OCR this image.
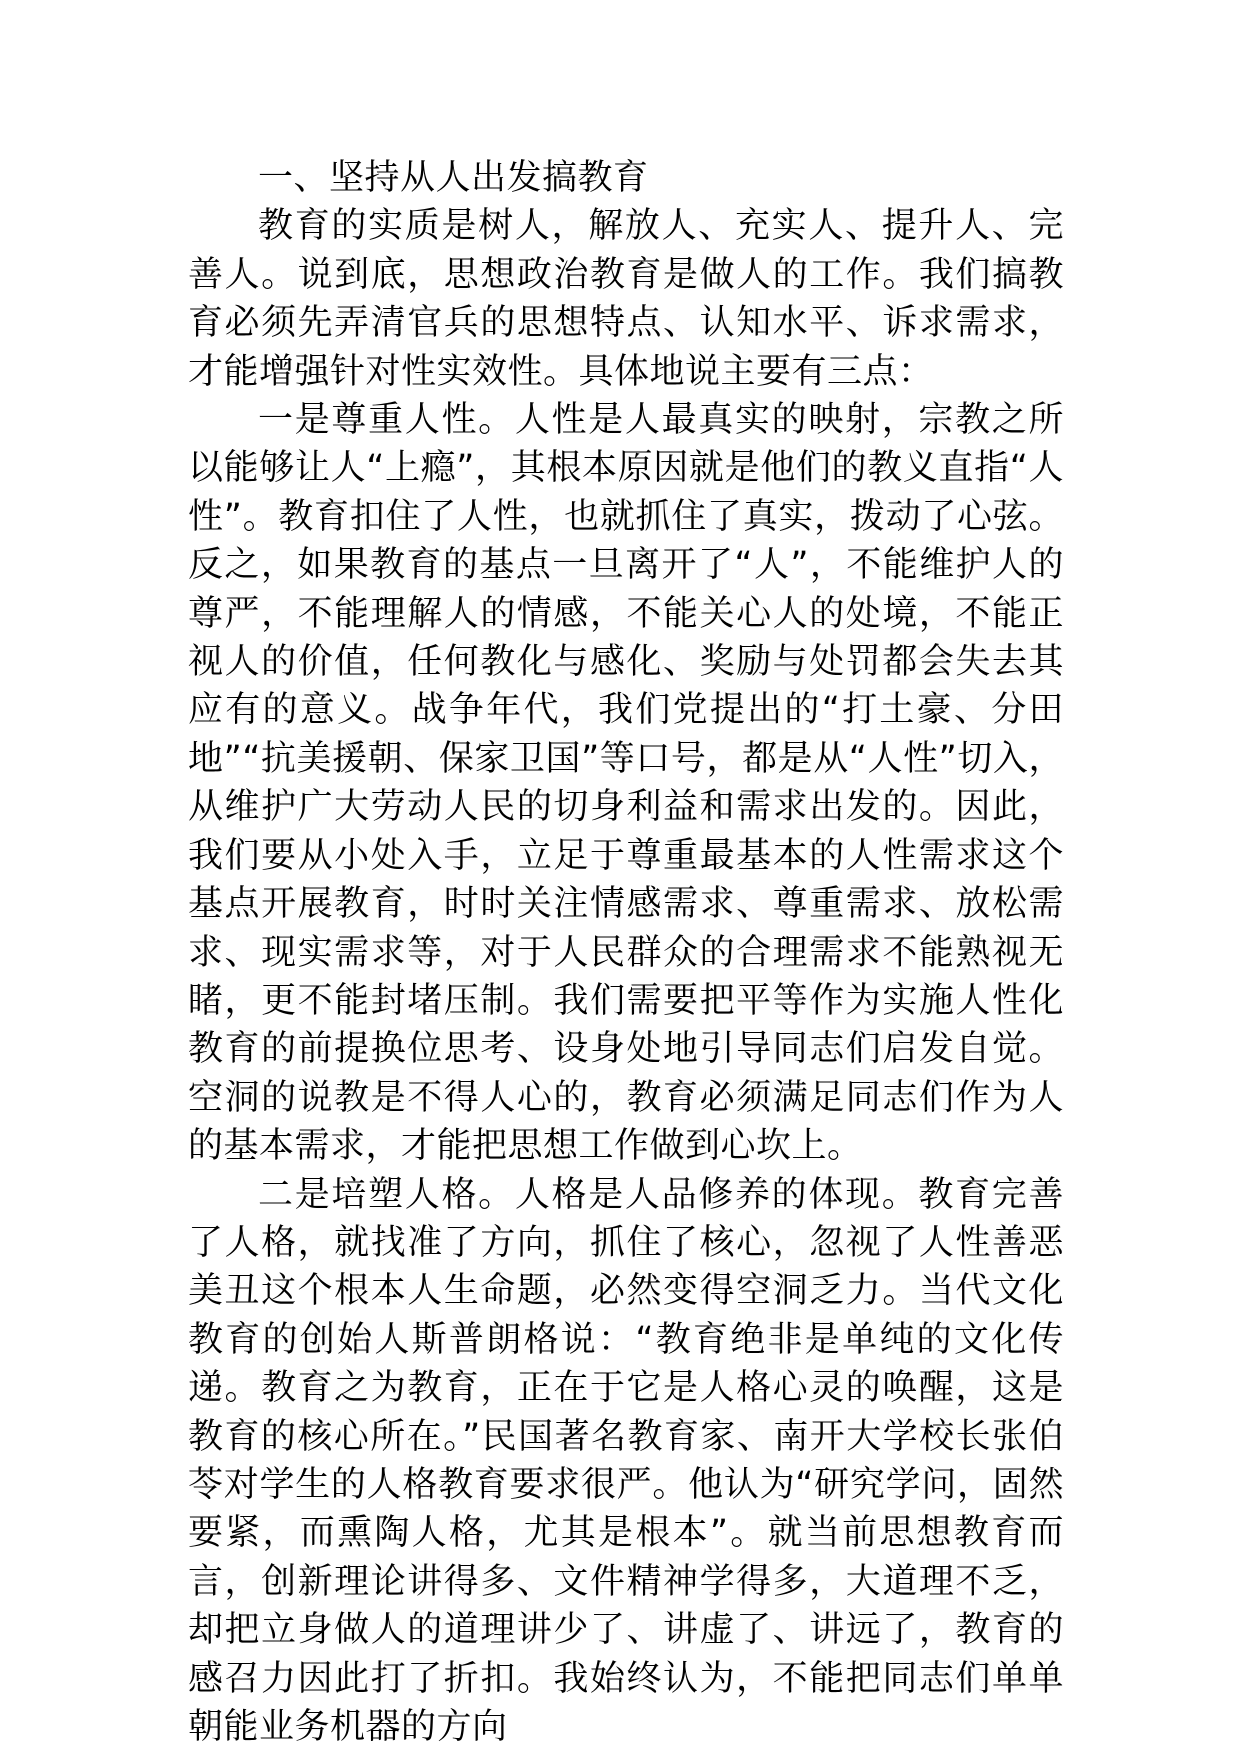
一、坚持从人出发搞教育

教育的实质是树人，解放人、充实人、提升人、完善人。说到底，思想政治教育是做人的工作。我们搞教育必须先弄清官兵的思想特点、认知水平、诉求需求，才能增强针对性实效性。具体地说主要有三点：

一是尊重人性。人性是人最真实的映射，宗教之所以能够让人“上瘾”，其根本原因就是他们的教义直指“人性”。教育扣住了人性，也就抓住了真实，拨动了心弦。反之，如果教育的基点一旦离开了“人”，不能维护人的尊严，不能理解人的情感，不能关心人的处境，不能正视人的价值，任何教化与感化、奖励与处罚都会失去其应有的意义。战争年代，我们党提出的“打土豪、分田地”“抗美援朝、保家卫国”等口号，都是从“人性”切入，从维护广大劳动人民的切身利益和需求出发的。因此，我们要从小处入手，立足于尊重最基本的人性需求这个基点开展教育，时时关注情感需求、尊重需求、放松需求、现实需求等，对于人民群众的合理需求不能熟视无睹，更不能封堵压制。我们需要把平等作为实施人性化教育的前提换位思考、设身处地引导同志们启发自觉。空洞的说教是不得人心的，教育必须满足同志们作为人的基本需求，才能把思想工作做到心坎上。

二是培塑人格。人格是人品修养的体现。教育完善了人格，就找准了方向，抓住了核心，忽视了人性善恶美丑这个根本人生命题，必然变得空洞乏力。当代文化教育的创始人斯普朗格说：“教育绝非是单纯的文化传递。教育之为教育，正在于它是人格心灵的唤醒，这是教育的核心所在。”民国著名教育家、南开大学校长张伯苓对学生的人格教育要求很严。他认为“研究学问，固然要紧，而熏陶人格，尤其是根本”。就当前思想教育而言，创新理论讲得多、文件精神学得多，大道理不乏，却把立身做人的道理讲少了、讲虚了、讲远了，教育的感召力因此打了折扣。我始终认为，不能把同志们单单朝能业务机器的方向
